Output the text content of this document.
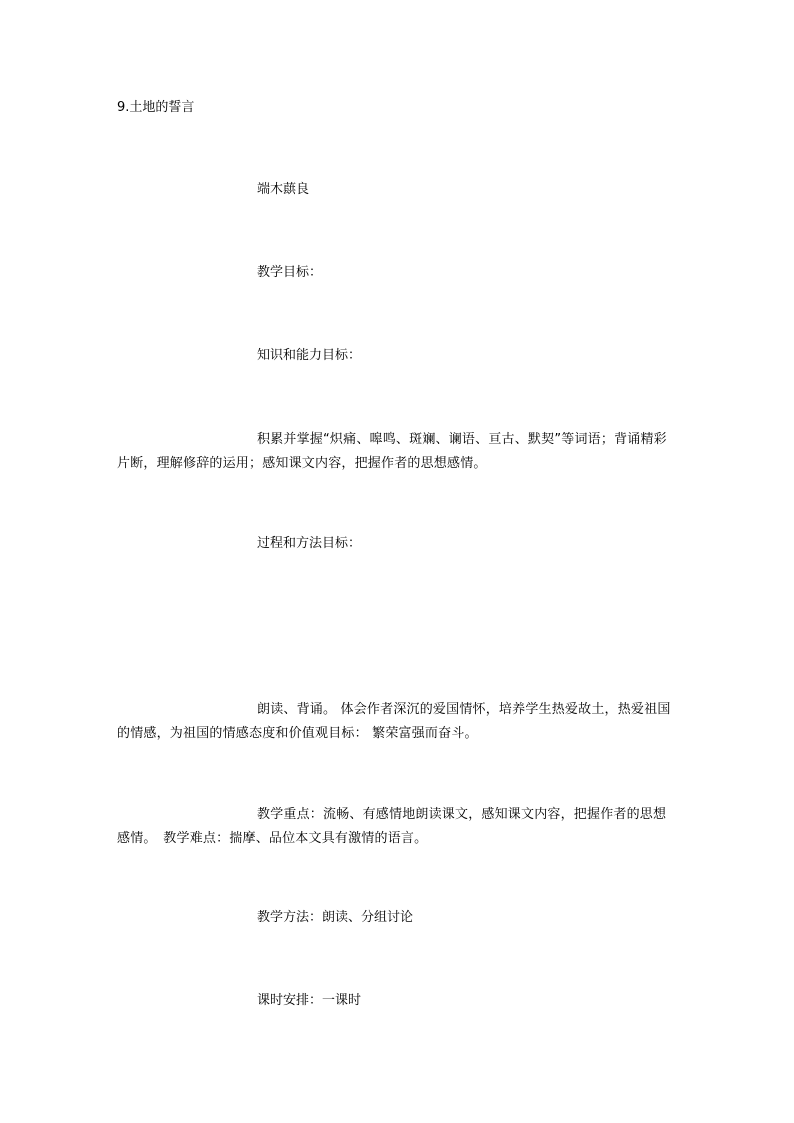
9.土地的誓言
端木蕻良
教学目标：
知识和能力目标：
积累并掌握“炽痛、嗥鸣、斑斓、谰语、亘古、默契”等词语；背诵精彩片断，理解修辞的运用；感知课文内容，把握作者的思想感情。
过程和方法目标：
朗读、背诵。 体会作者深沉的爱国情怀，培养学生热爱故土，热爱祖国的情感，为祖国的情感态度和价值观目标： 繁荣富强而奋斗。
教学重点：流畅、有感情地朗读课文，感知课文内容，把握作者的思想感情。　教学难点：揣摩、品位本文具有激情的语言。
教学方法：朗读、分组讨论
课时安排：一课时
